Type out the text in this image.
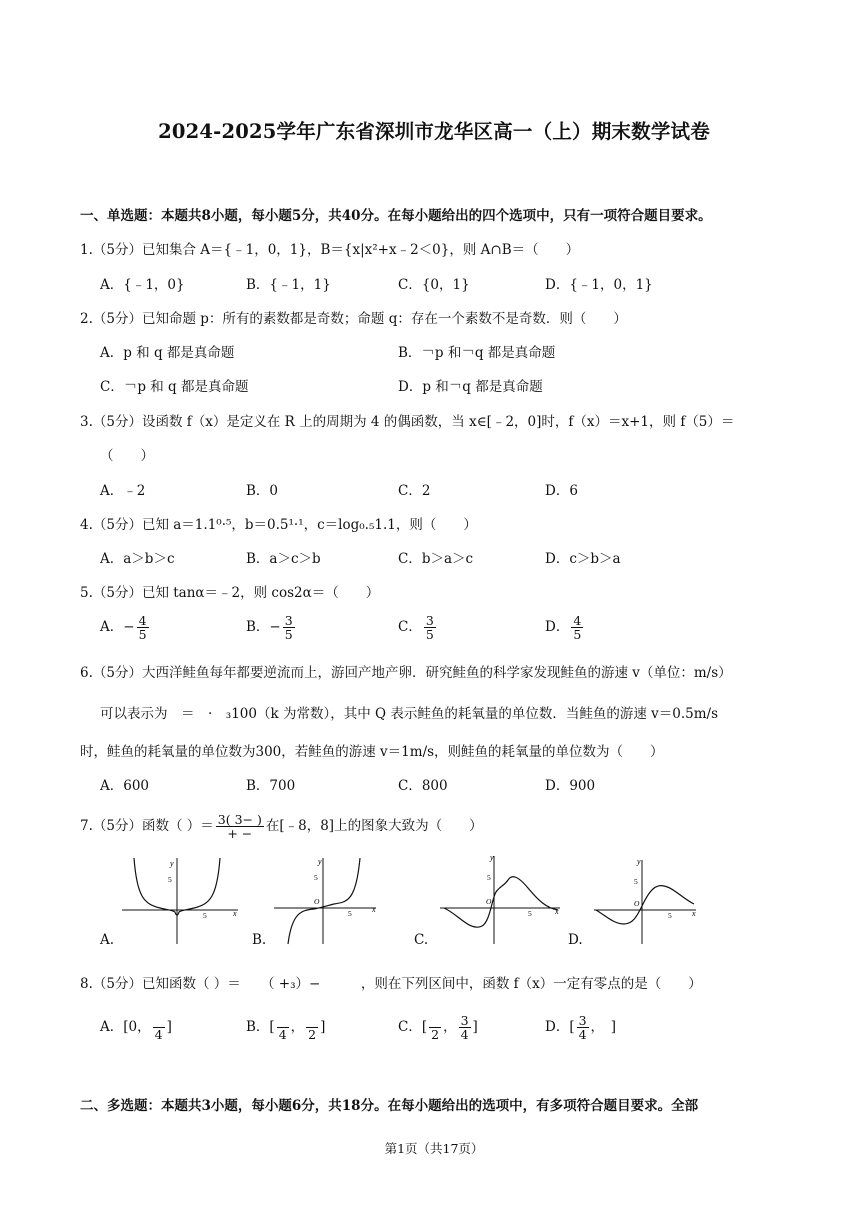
2024-2025学年广东省深圳市龙华区高一（上）期末数学试卷
一、单选题：本题共8小题，每小题5分，共40分。在每小题给出的四个选项中，只有一项符合题目要求。
1.（5分）已知集合 A＝{﹣1，0，1}，B＝{x|x²+x﹣2＜0}，则 A∩B＝（　　）
A．{﹣1，0}	B．{﹣1，1}	C．{0，1}	D．{﹣1，0，1}
2.（5分）已知命题 p：所有的素数都是奇数；命题 q：存在一个素数不是奇数．则（　　）
A．p 和 q 都是真命题	B．￢p 和￢q 都是真命题
C．￢p 和 q 都是真命题	D．p 和￢q 都是真命题
3.（5分）设函数 f（x）是定义在 R 上的周期为 4 的偶函数，当 x∈[﹣2，0]时，f（x）＝x+1，则 f（5）＝
（　　）
A．﹣2	B．0	C．2	D．6
4.（5分）已知 a＝1.1⁰·⁵，b＝0.5¹·¹，c＝log₀.₅1.1，则（　　）
A．a＞b＞c	B．a＞c＞b	C．b＞a＞c	D．c＞b＞a
5.（5分）已知 tanα＝﹣2，则 cos2α＝（　　）
A．− $\frac{4}{5}$	B．− $\frac{3}{5}$	C． $\frac{3}{5}$	D． $\frac{4}{5}$
6.（5分）大西洋鲑鱼每年都要逆流而上，游回产地产卵．研究鲑鱼的科学家发现鲑鱼的游速 v（单位：m/s）
可以表示为　＝　·　₃100（k 为常数），其中 Q 表示鲑鱼的耗氧量的单位数．当鲑鱼的游速 v＝0.5m/s
时，鲑鱼的耗氧量的单位数为300，若鲑鱼的游速 v＝1m/s，则鲑鱼的耗氧量的单位数为（　　）
A．600	B．700	C．800	D．900
7.（5分）函数（ ）＝ $\frac{3( 3- )}{+ -}$ 在[﹣8，8]上的图象大致为（　　）
A.
y
x
5
5
B.
y
x
5
O
5
C.
y
x
5
O
5
D.
y
x
5
O
5
8.（5分）已知函数（ ）＝　　（ +₃）−　　　，则在下列区间中，函数 f（x）一定有零点的是（　　）
A．[0，
4 ]	B．[
4 ，
2 ]	C．[
2 ， $\frac{3}{4}$ ]	D．[ $\frac{3}{4}$ ，　]
二、多选题：本题共3小题，每小题6分，共18分。在每小题给出的选项中，有多项符合题目要求。全部
第1页（共17页）
